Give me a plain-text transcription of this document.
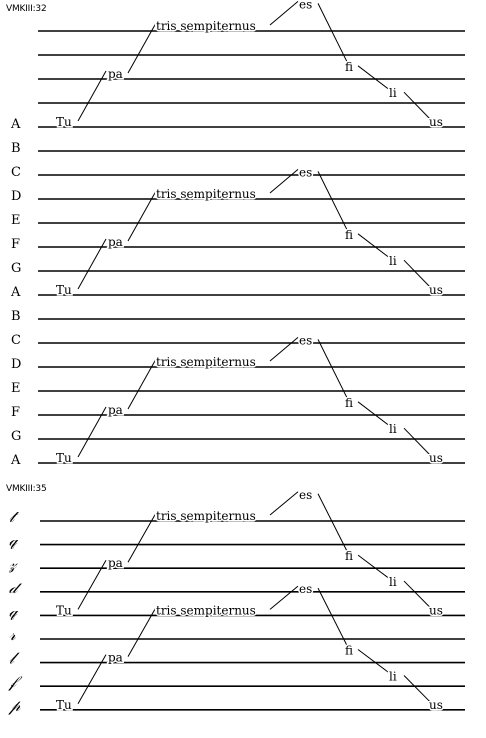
A
B
C
D
E
F
G
A
B
C
D
E
F
G
A
Tu
pa
tris sempiternus
es
fi
li
us
Tu
pa
tris sempiternus
es
fi
li
us
Tu
pa
tris sempiternus
es
fi
li
us
𝓉
𝓆
𝓏
𝒹
𝓆
𝓇
𝓁
𝒻
𝓅
Tu
pa
tris sempiternus
es
fi
li
us
Tu
pa
tris sempiternus
es
fi
li
us
VMKIII:32
VMKIII:35
